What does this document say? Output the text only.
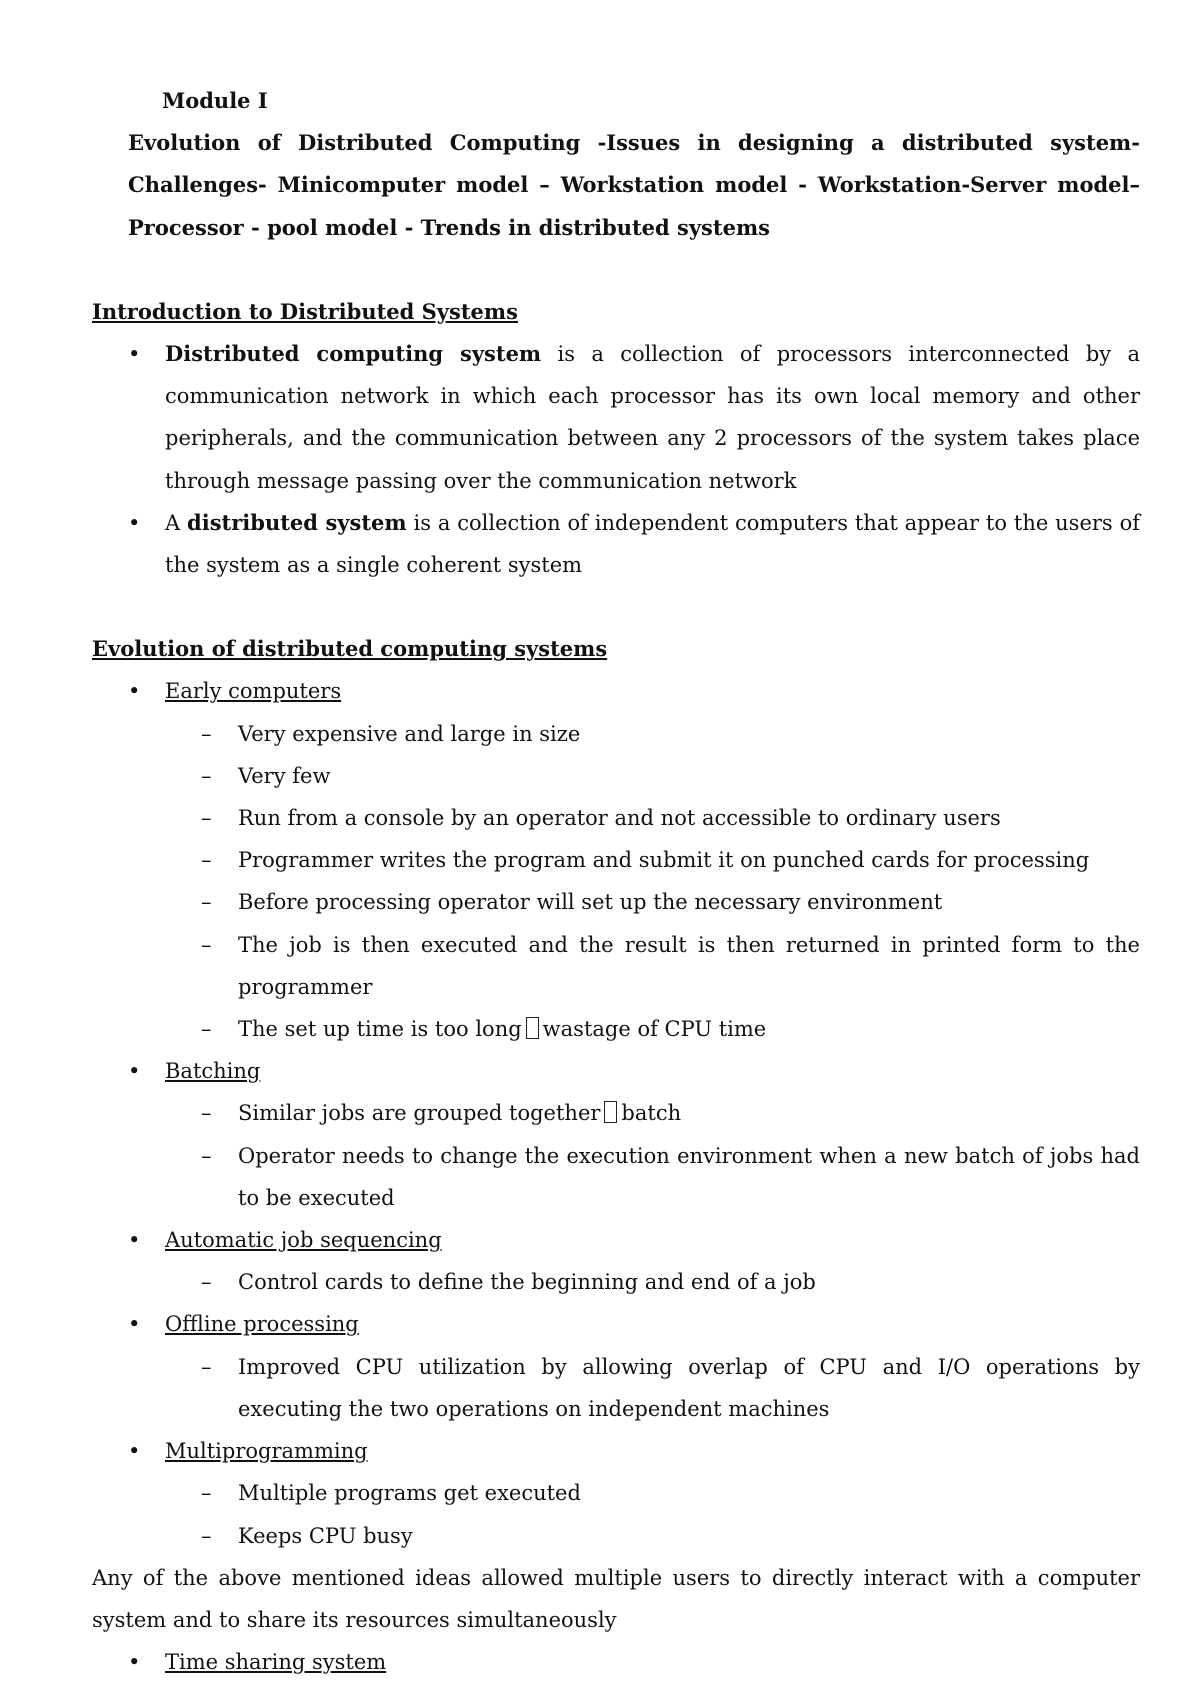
Module I
Evolution of Distributed Computing -Issues in designing a distributed system- Challenges- Minicomputer model – Workstation model - Workstation-Server model– Processor - pool model - Trends in distributed systems
Introduction to Distributed Systems
• Distributed computing system is a collection of processors interconnected by a communication network in which each processor has its own local memory and other peripherals, and the communication between any 2 processors of the system takes place through message passing over the communication network
• A distributed system is a collection of independent computers that appear to the users of the system as a single coherent system
Evolution of distributed computing systems
• Early computers
– Very expensive and large in size
– Very few
– Run from a console by an operator and not accessible to ordinary users
– Programmer writes the program and submit it on punched cards for processing
– Before processing operator will set up the necessary environment
– The job is then executed and the result is then returned in printed form to the programmer
– The set up time is too long wastage of CPU time
• Batching
– Similar jobs are grouped together batch
– Operator needs to change the execution environment when a new batch of jobs had to be executed
• Automatic job sequencing
– Control cards to define the beginning and end of a job
• Offline processing
– Improved CPU utilization by allowing overlap of CPU and I/O operations by executing the two operations on independent machines
• Multiprogramming
– Multiple programs get executed
– Keeps CPU busy
Any of the above mentioned ideas allowed multiple users to directly interact with a computer system and to share its resources simultaneously
• Time sharing system
